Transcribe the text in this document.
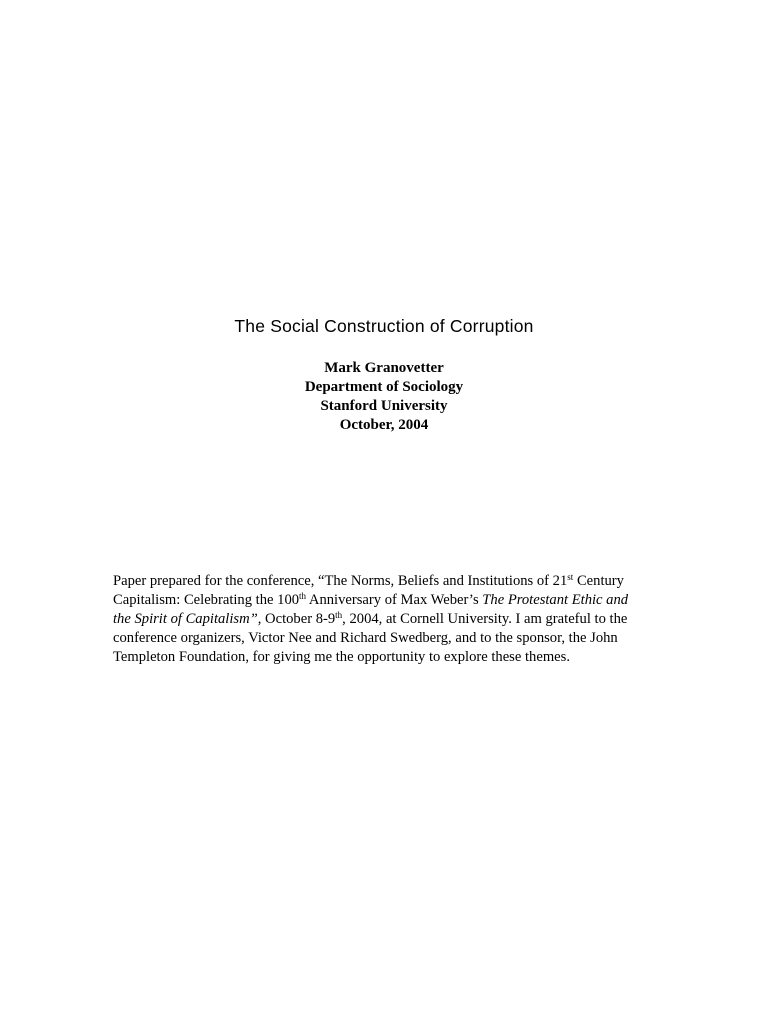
The Social Construction of Corruption
Mark Granovetter
Department of Sociology
Stanford University
October, 2004
Paper prepared for the conference, “The Norms, Beliefs and Institutions of 21st Century
Capitalism: Celebrating the 100th Anniversary of Max Weber’s The Protestant Ethic and
the Spirit of Capitalism”, October 8-9th, 2004, at Cornell University. I am grateful to the
conference organizers, Victor Nee and Richard Swedberg, and to the sponsor, the John
Templeton Foundation, for giving me the opportunity to explore these themes.
